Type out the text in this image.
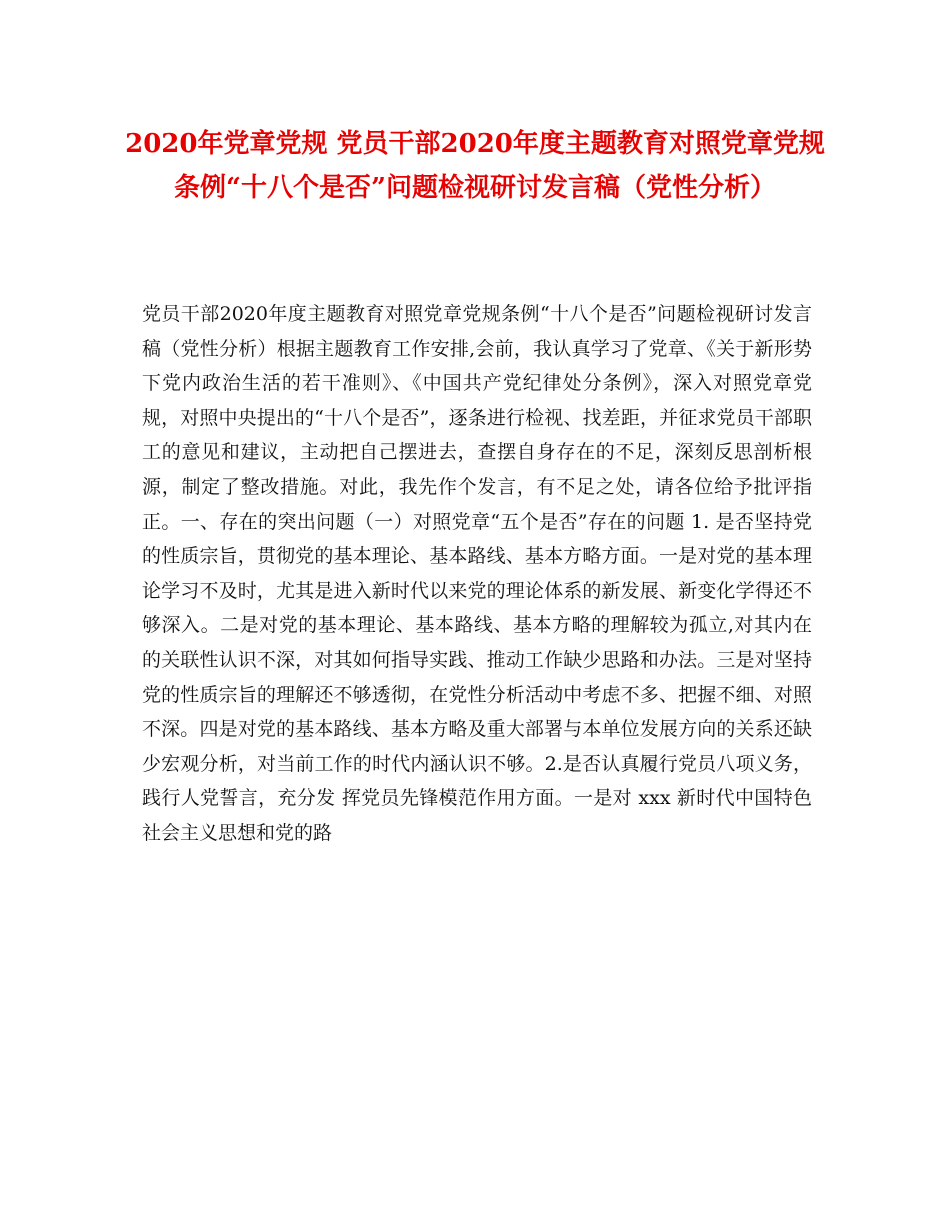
2020年党章党规 党员干部2020年度主题教育对照党章党规条例“十八个是否”问题检视研讨发言稿（党性分析）

党员干部2020年度主题教育对照党章党规条例“十八个是否”问题检视研讨发言稿（党性分析）根据主题教育工作安排,会前，我认真学习了党章、《关于新形势下党内政治生活的若干准则》、《中国共产党纪律处分条例》，深入对照党章党规，对照中央提出的“十八个是否”，逐条进行检视、找差距，并征求党员干部职工的意见和建议，主动把自己摆进去，查摆自身存在的不足，深刻反思剖析根源，制定了整改措施。对此，我先作个发言，有不足之处，请各位给予批评指正。一、存在的突出问题（一）对照党章“五个是否”存在的问题 1. 是否坚持党的性质宗旨，贯彻党的基本理论、基本路线、基本方略方面。一是对党的基本理论学习不及时，尤其是进入新时代以来党的理论体系的新发展、新变化学得还不够深入。二是对党的基本理论、基本路线、基本方略的理解较为孤立,对其内在的关联性认识不深，对其如何指导实践、推动工作缺少思路和办法。三是对坚持党的性质宗旨的理解还不够透彻，在党性分析活动中考虑不多、把握不细、对照不深。四是对党的基本路线、基本方略及重大部署与本单位发展方向的关系还缺少宏观分析，对当前工作的时代内涵认识不够。2.是否认真履行党员八项义务，践行人党誓言，充分发 挥党员先锋模范作用方面。一是对 xxx 新时代中国特色社会主义思想和党的路
